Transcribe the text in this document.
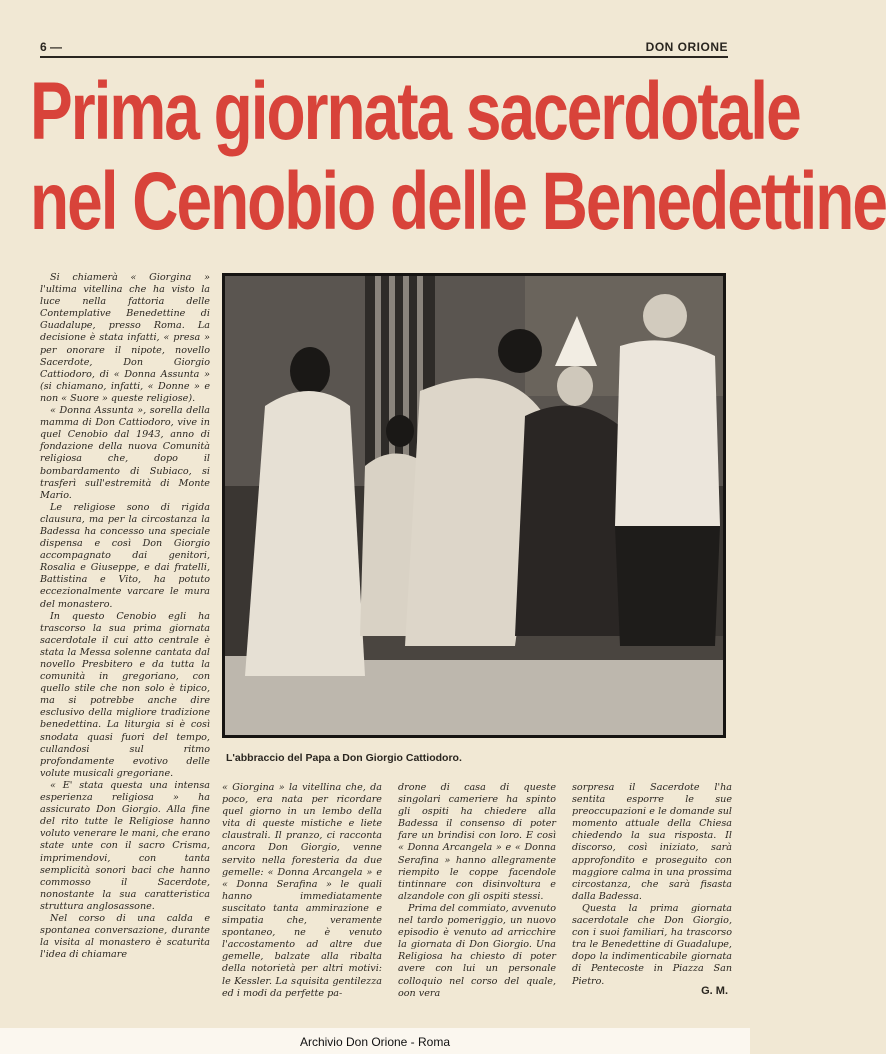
6 —	DON ORIONE
Prima giornata sacerdotale
nel Cenobio delle Benedettine

Si chiamerà « Giorgina » l'ultima vitellina che ha visto la luce nella fattoria delle Contemplative Benedettine di Guadalupe, presso Roma. La decisione è stata infatti, « presa » per onorare il nipote, novello Sacerdote, Don Giorgio Cattiodoro, di « Donna Assunta » (si chiamano, infatti, « Donne » e non « Suore » queste religiose).

« Donna Assunta », sorella della mamma di Don Cattiodoro, vive in quel Cenobio dal 1943, anno di fondazione della nuova Comunità religiosa che, dopo il bombardamento di Subiaco, si trasferì sull'estremità di Monte Mario.

Le religiose sono di rigida clausura, ma per la circostanza la Badessa ha concesso una speciale dispensa e così Don Giorgio accompagnato dai genitori, Rosalia e Giuseppe, e dai fratelli, Battistina e Vito, ha potuto eccezionalmente varcare le mura del monastero.

In questo Cenobio egli ha trascorso la sua prima giornata sacerdotale il cui atto centrale è stata la Messa solenne cantata dal novello Presbitero e da tutta la comunità in gregoriano, con quello stile che non solo è tipico, ma si potrebbe anche dire esclusivo della migliore tradizione benedettina. La liturgia si è così snodata quasi fuori del tempo, cullandosi sul ritmo profondamente evotivo delle volute musicali gregoriane.

« E' stata questa una intensa esperienza religiosa » ha assicurato Don Giorgio. Alla fine del rito tutte le Religiose hanno voluto venerare le mani, che erano state unte con il sacro Crisma, imprimendovi, con tanta semplicità sonori baci che hanno commosso il Sacerdote, nonostante la sua caratteristica struttura anglosassone.

Nel corso di una calda e spontanea conversazione, durante la visita al monastero è scaturita l'idea di chiamare

L'abbraccio del Papa a Don Giorgio Cattiodoro.

« Giorgina » la vitellina che, da poco, era nata per ricordare quel giorno in un lembo della vita di queste mistiche e liete claustrali. Il pranzo, ci racconta ancora Don Giorgio, venne servito nella foresteria da due gemelle: « Donna Arcangela » e « Donna Serafina » le quali hanno immediatamente suscitato tanta ammirazione e simpatia che, veramente spontaneo, ne è venuto l'accostamento ad altre due gemelle, balzate alla ribalta della notorietà per altri motivi: le Kessler. La squisita gentilezza ed i modi da perfette pa-

drone di casa di queste singolari cameriere ha spinto gli ospiti ha chiedere alla Badessa il consenso di poter fare un brindisi con loro. E così « Donna Arcangela » e « Donna Serafina » hanno allegramente riempito le coppe facendole tintinnare con disinvoltura e alzandole con gli ospiti stessi.

Prima del commiato, avvenuto nel tardo pomeriggio, un nuovo episodio è venuto ad arricchire la giornata di Don Giorgio. Una Religiosa ha chiesto di poter avere con lui un personale colloquio nel corso del quale, oon vera

sorpresa il Sacerdote l'ha sentita esporre le sue preoccupazioni e le domande sul momento attuale della Chiesa chiedendo la sua risposta. Il discorso, così iniziato, sarà approfondito e proseguito con maggiore calma in una prossima circostanza, che sarà fisasta dalla Badessa.

Questa la prima giornata sacerdotale che Don Giorgio, con i suoi familiari, ha trascorso tra le Benedettine di Guadalupe, dopo la indimenticabile giornata di Pentecoste in Piazza San Pietro.

G. M.
Archivio Don Orione - Roma
